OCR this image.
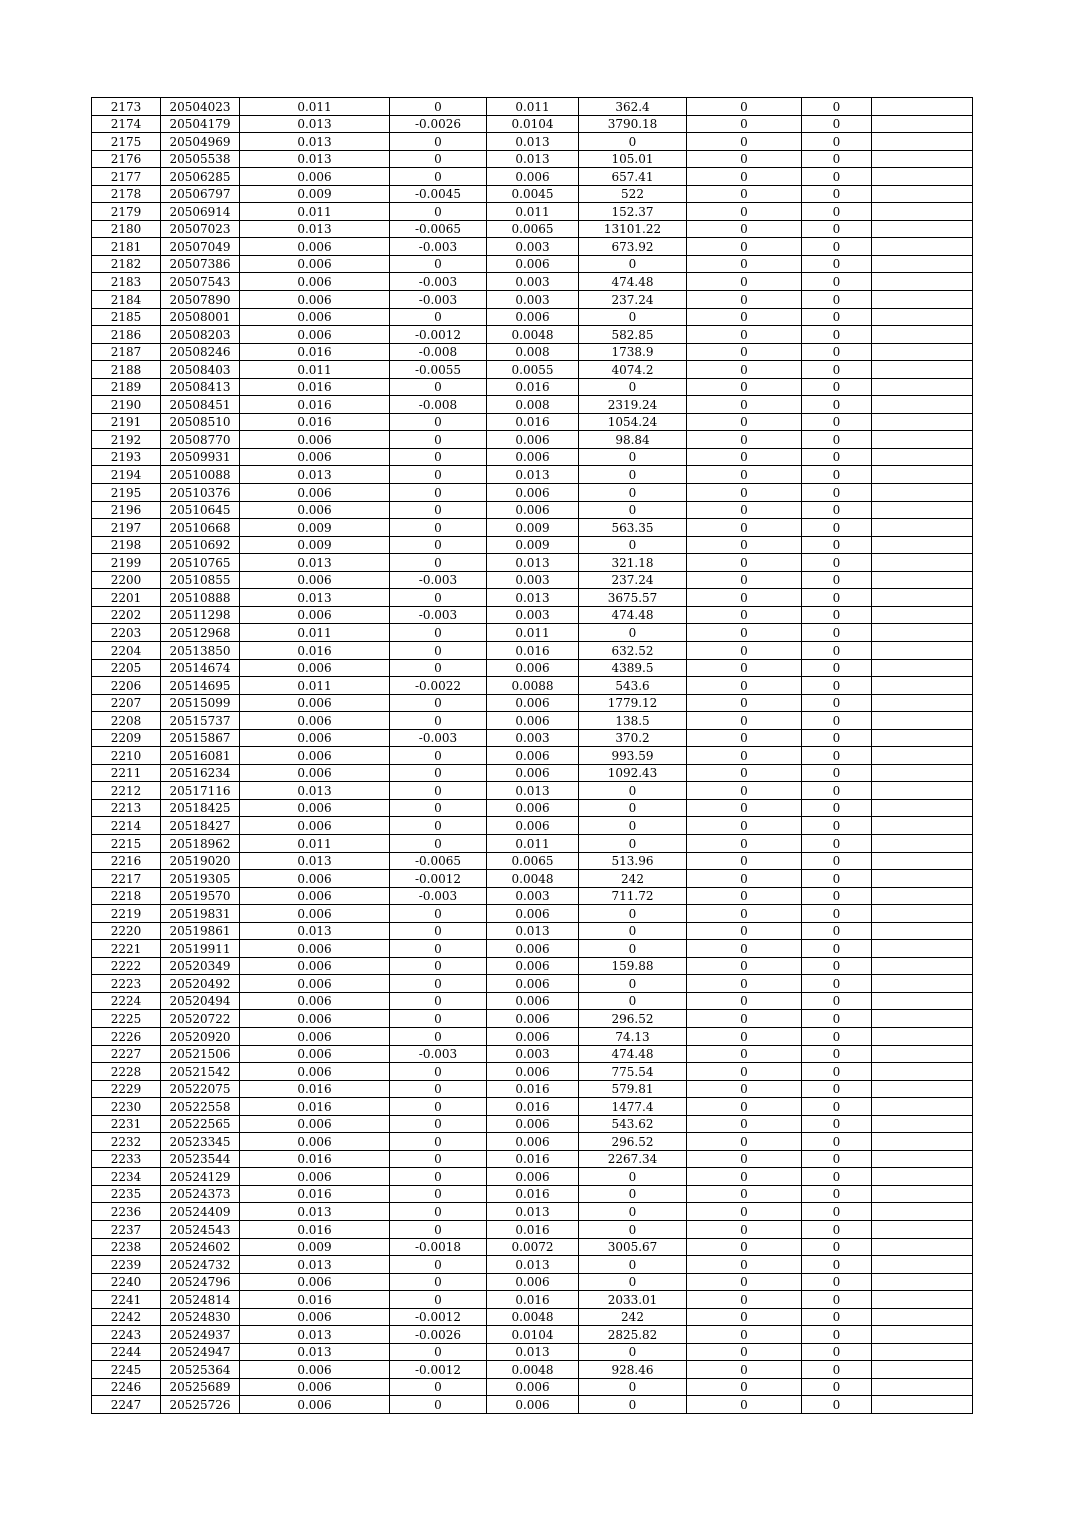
2173	20504023	0.011	0	0.011	362.4	0	0	
2174	20504179	0.013	-0.0026	0.0104	3790.18	0	0	
2175	20504969	0.013	0	0.013	0	0	0	
2176	20505538	0.013	0	0.013	105.01	0	0	
2177	20506285	0.006	0	0.006	657.41	0	0	
2178	20506797	0.009	-0.0045	0.0045	522	0	0	
2179	20506914	0.011	0	0.011	152.37	0	0	
2180	20507023	0.013	-0.0065	0.0065	13101.22	0	0	
2181	20507049	0.006	-0.003	0.003	673.92	0	0	
2182	20507386	0.006	0	0.006	0	0	0	
2183	20507543	0.006	-0.003	0.003	474.48	0	0	
2184	20507890	0.006	-0.003	0.003	237.24	0	0	
2185	20508001	0.006	0	0.006	0	0	0	
2186	20508203	0.006	-0.0012	0.0048	582.85	0	0	
2187	20508246	0.016	-0.008	0.008	1738.9	0	0	
2188	20508403	0.011	-0.0055	0.0055	4074.2	0	0	
2189	20508413	0.016	0	0.016	0	0	0	
2190	20508451	0.016	-0.008	0.008	2319.24	0	0	
2191	20508510	0.016	0	0.016	1054.24	0	0	
2192	20508770	0.006	0	0.006	98.84	0	0	
2193	20509931	0.006	0	0.006	0	0	0	
2194	20510088	0.013	0	0.013	0	0	0	
2195	20510376	0.006	0	0.006	0	0	0	
2196	20510645	0.006	0	0.006	0	0	0	
2197	20510668	0.009	0	0.009	563.35	0	0	
2198	20510692	0.009	0	0.009	0	0	0	
2199	20510765	0.013	0	0.013	321.18	0	0	
2200	20510855	0.006	-0.003	0.003	237.24	0	0	
2201	20510888	0.013	0	0.013	3675.57	0	0	
2202	20511298	0.006	-0.003	0.003	474.48	0	0	
2203	20512968	0.011	0	0.011	0	0	0	
2204	20513850	0.016	0	0.016	632.52	0	0	
2205	20514674	0.006	0	0.006	4389.5	0	0	
2206	20514695	0.011	-0.0022	0.0088	543.6	0	0	
2207	20515099	0.006	0	0.006	1779.12	0	0	
2208	20515737	0.006	0	0.006	138.5	0	0	
2209	20515867	0.006	-0.003	0.003	370.2	0	0	
2210	20516081	0.006	0	0.006	993.59	0	0	
2211	20516234	0.006	0	0.006	1092.43	0	0	
2212	20517116	0.013	0	0.013	0	0	0	
2213	20518425	0.006	0	0.006	0	0	0	
2214	20518427	0.006	0	0.006	0	0	0	
2215	20518962	0.011	0	0.011	0	0	0	
2216	20519020	0.013	-0.0065	0.0065	513.96	0	0	
2217	20519305	0.006	-0.0012	0.0048	242	0	0	
2218	20519570	0.006	-0.003	0.003	711.72	0	0	
2219	20519831	0.006	0	0.006	0	0	0	
2220	20519861	0.013	0	0.013	0	0	0	
2221	20519911	0.006	0	0.006	0	0	0	
2222	20520349	0.006	0	0.006	159.88	0	0	
2223	20520492	0.006	0	0.006	0	0	0	
2224	20520494	0.006	0	0.006	0	0	0	
2225	20520722	0.006	0	0.006	296.52	0	0	
2226	20520920	0.006	0	0.006	74.13	0	0	
2227	20521506	0.006	-0.003	0.003	474.48	0	0	
2228	20521542	0.006	0	0.006	775.54	0	0	
2229	20522075	0.016	0	0.016	579.81	0	0	
2230	20522558	0.016	0	0.016	1477.4	0	0	
2231	20522565	0.006	0	0.006	543.62	0	0	
2232	20523345	0.006	0	0.006	296.52	0	0	
2233	20523544	0.016	0	0.016	2267.34	0	0	
2234	20524129	0.006	0	0.006	0	0	0	
2235	20524373	0.016	0	0.016	0	0	0	
2236	20524409	0.013	0	0.013	0	0	0	
2237	20524543	0.016	0	0.016	0	0	0	
2238	20524602	0.009	-0.0018	0.0072	3005.67	0	0	
2239	20524732	0.013	0	0.013	0	0	0	
2240	20524796	0.006	0	0.006	0	0	0	
2241	20524814	0.016	0	0.016	2033.01	0	0	
2242	20524830	0.006	-0.0012	0.0048	242	0	0	
2243	20524937	0.013	-0.0026	0.0104	2825.82	0	0	
2244	20524947	0.013	0	0.013	0	0	0	
2245	20525364	0.006	-0.0012	0.0048	928.46	0	0	
2246	20525689	0.006	0	0.006	0	0	0	
2247	20525726	0.006	0	0.006	0	0	0	
